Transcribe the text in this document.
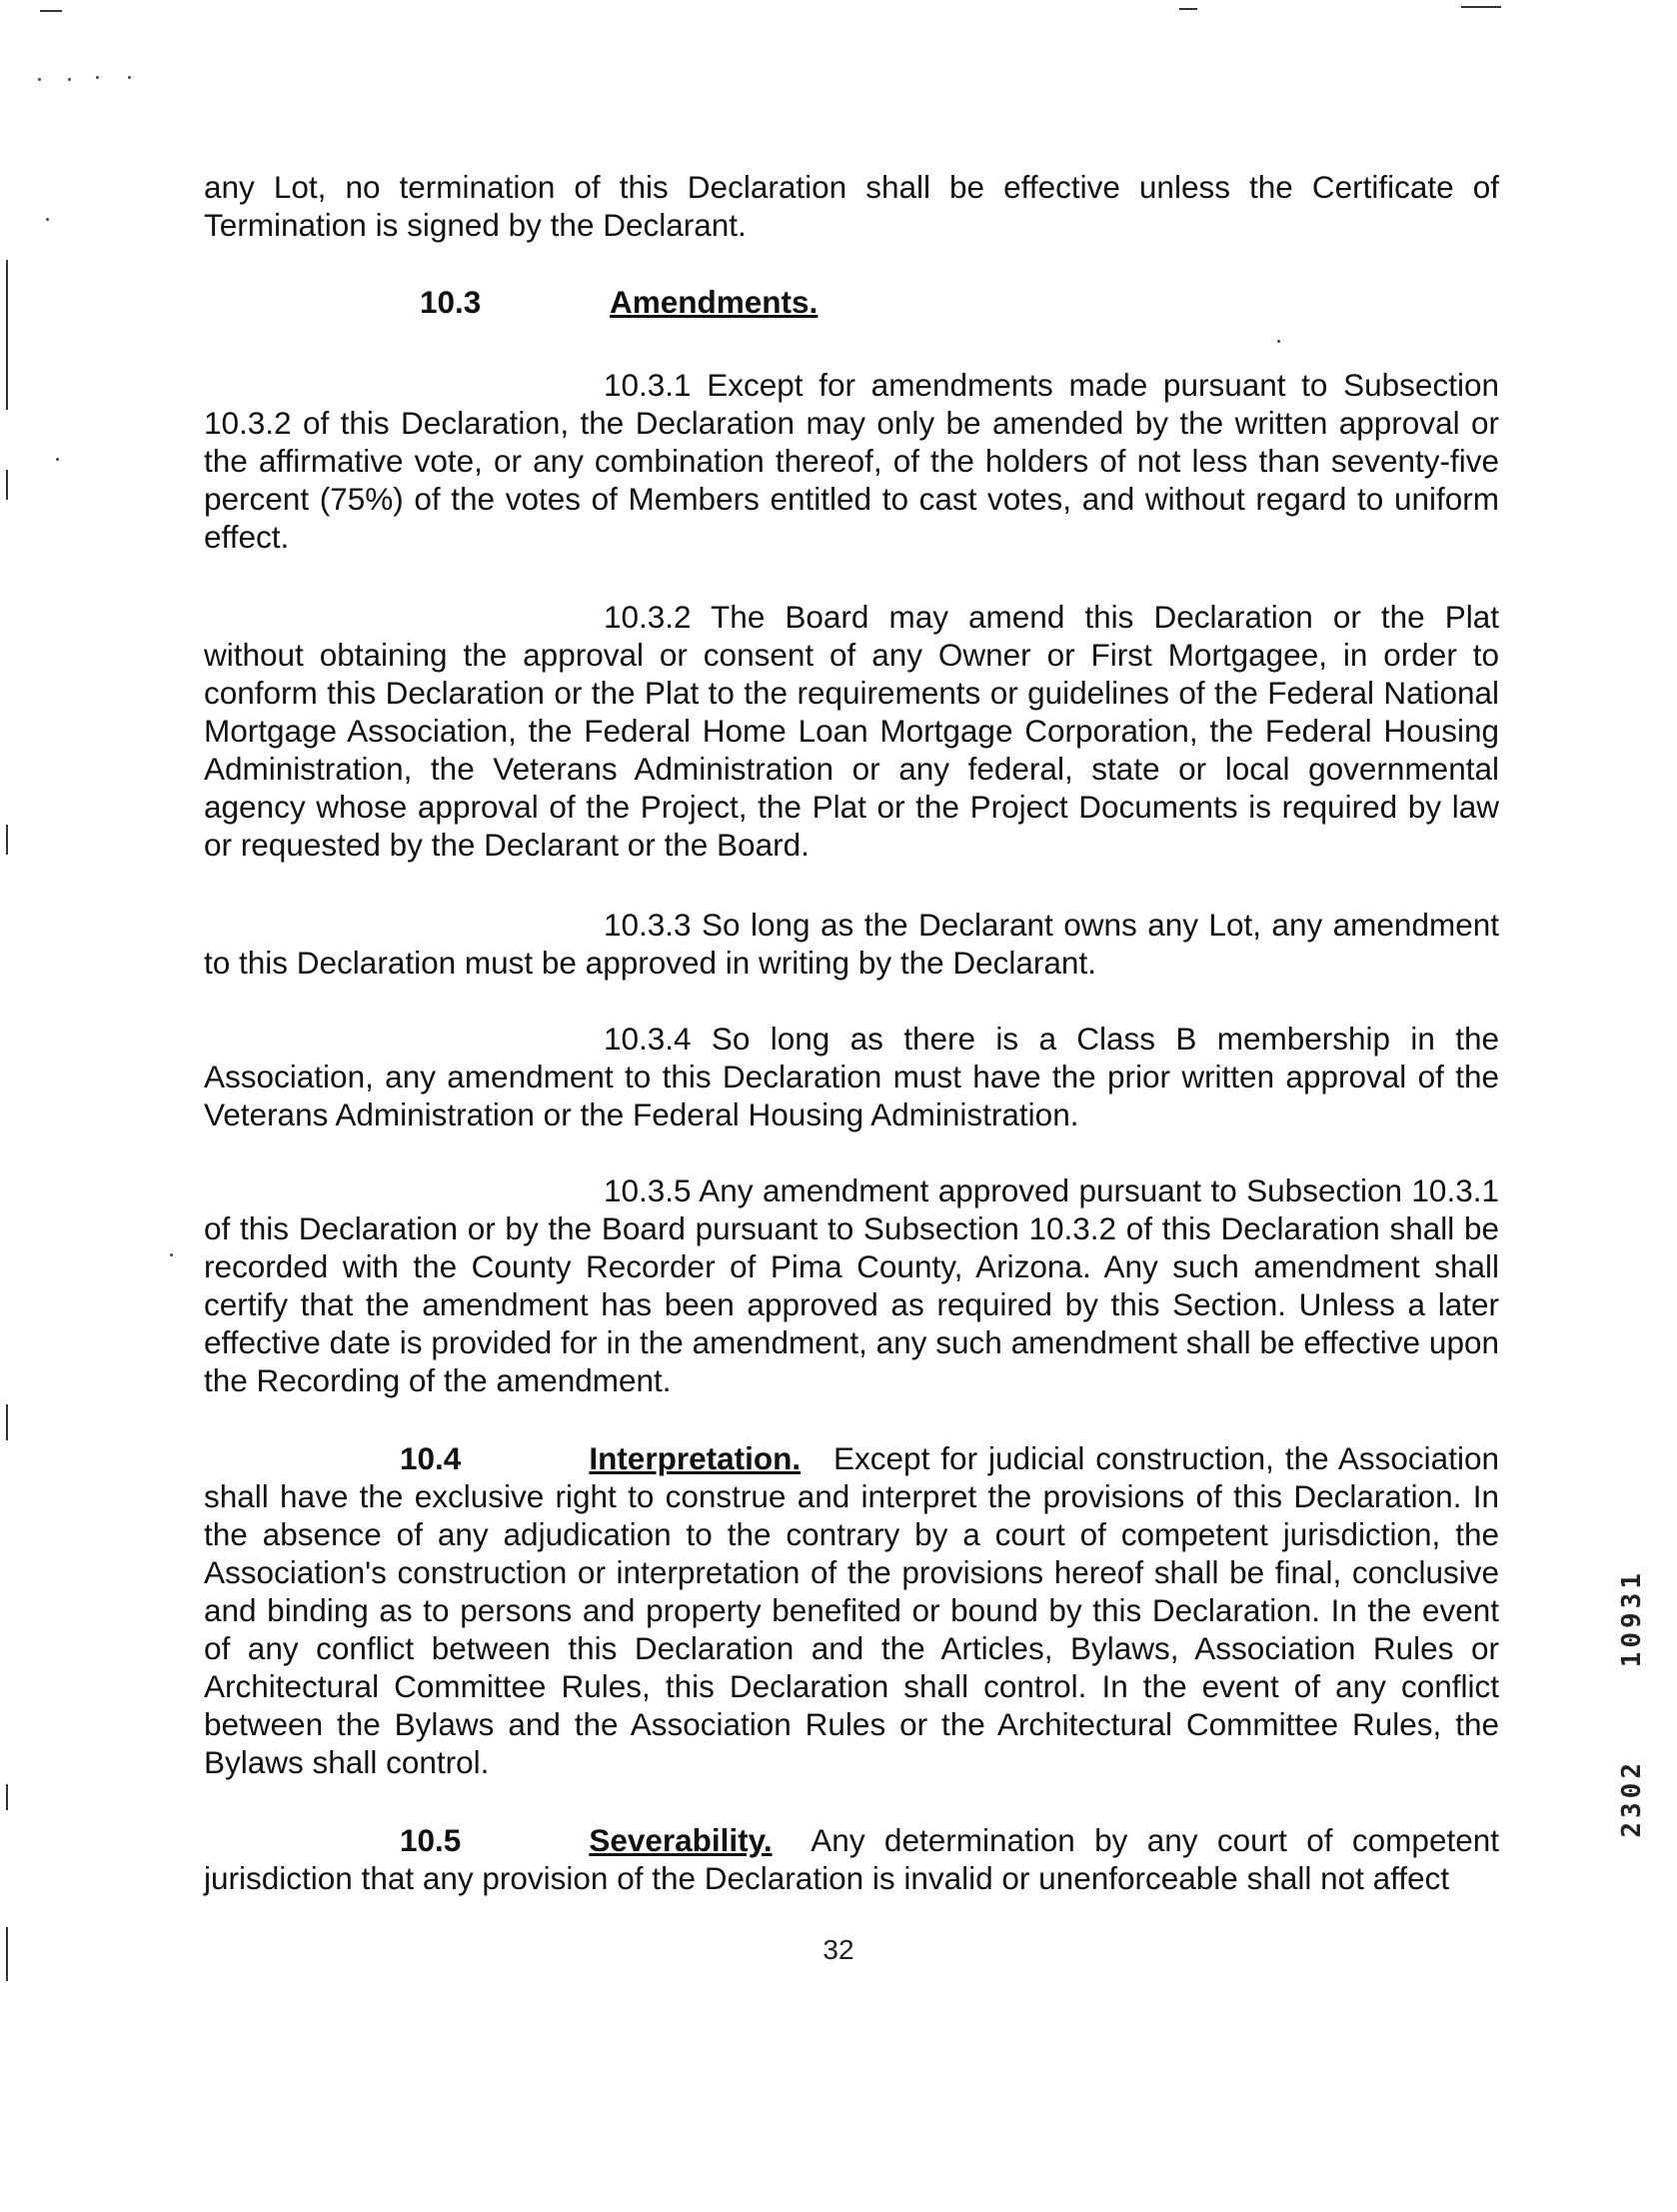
any Lot, no termination of this Declaration shall be effective unless the Certificate of Termination is signed by the Declarant.

10.3	Amendments.

10.3.1 Except for amendments made pursuant to Subsection 10.3.2 of this Declaration, the Declaration may only be amended by the written approval or the affirmative vote, or any combination thereof, of the holders of not less than seventy-five percent (75%) of the votes of Members entitled to cast votes, and without regard to uniform effect.

10.3.2 The Board may amend this Declaration or the Plat without obtaining the approval or consent of any Owner or First Mortgagee, in order to conform this Declaration or the Plat to the requirements or guidelines of the Federal National Mortgage Association, the Federal Home Loan Mortgage Corporation, the Federal Housing Administration, the Veterans Administration or any federal, state or local governmental agency whose approval of the Project, the Plat or the Project Documents is required by law or requested by the Declarant or the Board.

10.3.3 So long as the Declarant owns any Lot, any amendment to this Declaration must be approved in writing by the Declarant.

10.3.4 So long as there is a Class B membership in the Association, any amendment to this Declaration must have the prior written approval of the Veterans Administration or the Federal Housing Administration.

10.3.5 Any amendment approved pursuant to Subsection 10.3.1 of this Declaration or by the Board pursuant to Subsection 10.3.2 of this Declaration shall be recorded with the County Recorder of Pima County, Arizona. Any such amendment shall certify that the amendment has been approved as required by this Section. Unless a later effective date is provided for in the amendment, any such amendment shall be effective upon the Recording of the amendment.

10.4	Interpretation. Except for judicial construction, the Association shall have the exclusive right to construe and interpret the provisions of this Declaration. In the absence of any adjudication to the contrary by a court of competent jurisdiction, the Association's construction or interpretation of the provisions hereof shall be final, conclusive and binding as to persons and property benefited or bound by this Declaration. In the event of any conflict between this Declaration and the Articles, Bylaws, Association Rules or Architectural Committee Rules, this Declaration shall control. In the event of any conflict between the Bylaws and the Association Rules or the Architectural Committee Rules, the Bylaws shall control.

10.5	Severability. Any determination by any court of competent jurisdiction that any provision of the Declaration is invalid or unenforceable shall not affect

32
10931
2302
